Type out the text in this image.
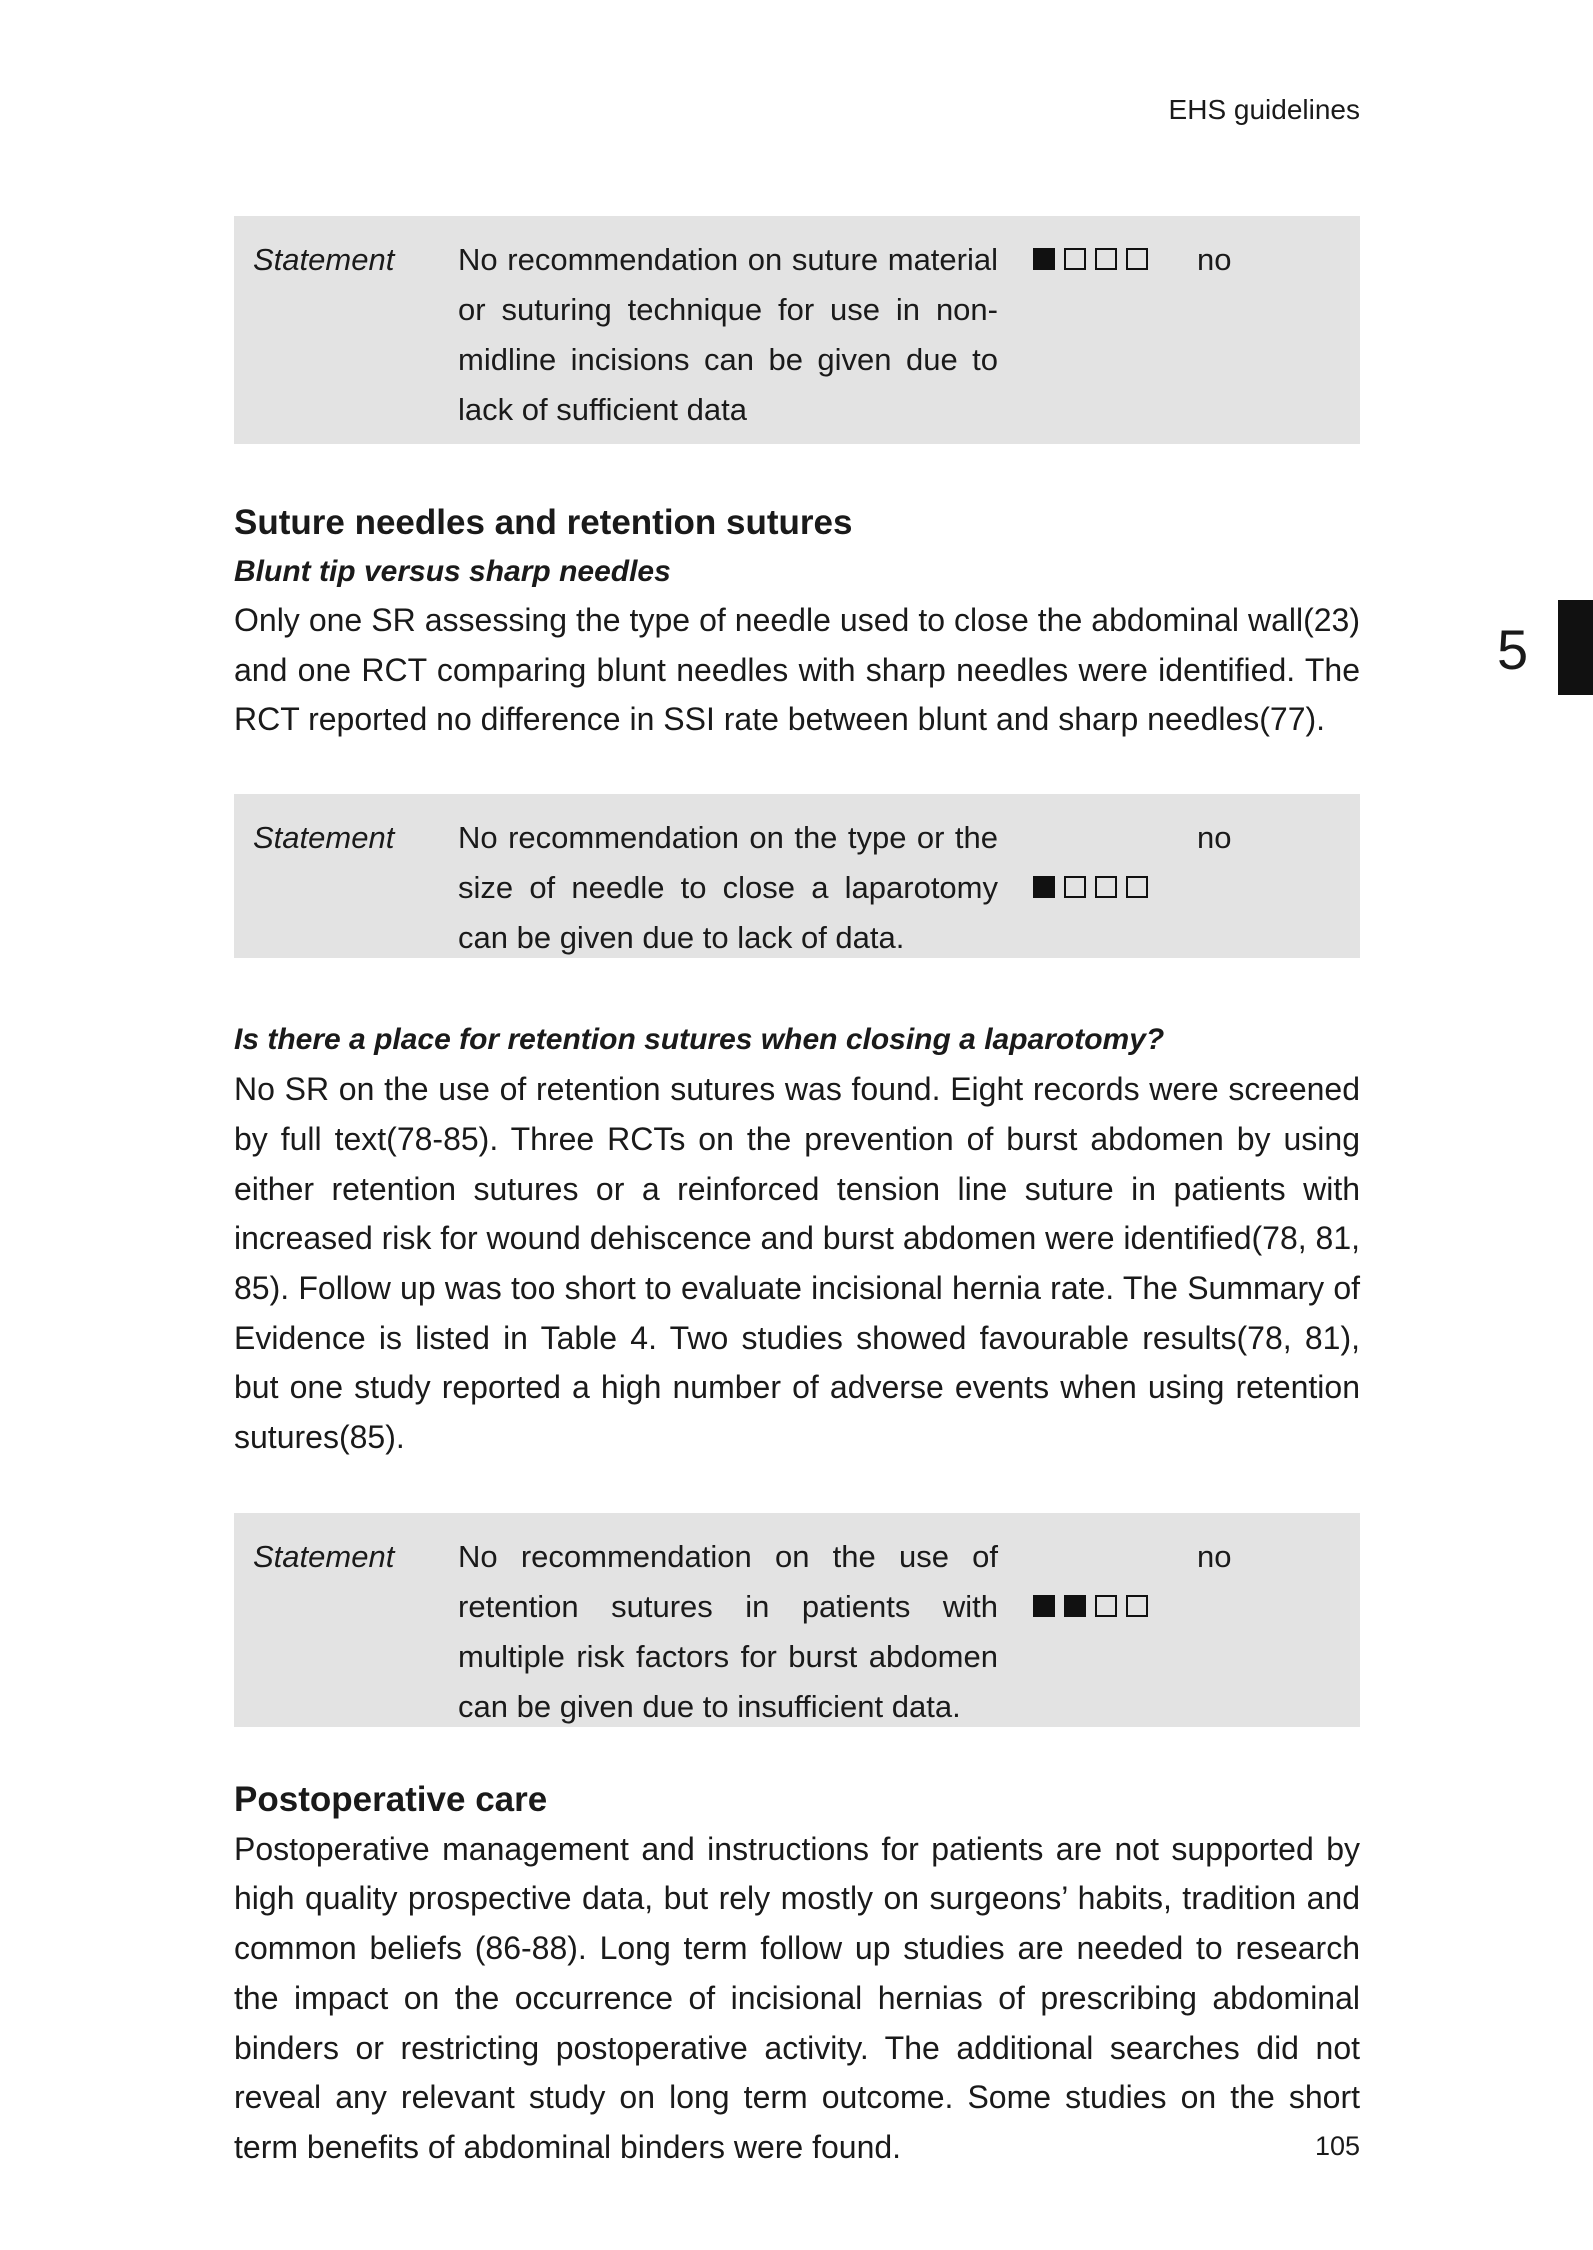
EHS guidelines
5
Statement No recommendation on suture material or suturing technique for use in non-midline incisions can be given due to lack of sufficient data
no
Suture needles and retention sutures
Blunt tip versus sharp needles

Only one SR assessing the type of needle used to close the abdominal wall(23) and one RCT comparing blunt needles with sharp needles were identified. The RCT reported no difference in SSI rate between blunt and sharp needles(77).

Statement No recommendation on the type or the size of needle to close a laparotomy can be given due to lack of data.
no
Is there a place for retention sutures when closing a laparotomy?

No SR on the use of retention sutures was found. Eight records were screened by full text(78-85). Three RCTs on the prevention of burst abdomen by using either retention sutures or a reinforced tension line suture in patients with increased risk for wound dehiscence and burst abdomen were identified(78, 81, 85). Follow up was too short to evaluate incisional hernia rate. The Summary of Evidence is listed in Table 4. Two studies showed favourable results(78, 81), but one study reported a high number of adverse events when using retention sutures(85).

Statement No recommendation on the use of retention sutures in patients with multiple risk factors for burst abdomen can be given due to insufficient data.
no
Postoperative care

Postoperative management and instructions for patients are not supported by high quality prospective data, but rely mostly on surgeons’ habits, tradition and common beliefs (86-88). Long term follow up studies are needed to research the impact on the occurrence of incisional hernias of prescribing abdominal binders or restricting postoperative activity. The additional searches did not reveal any relevant study on long term outcome. Some studies on the short term benefits of abdominal binders were found.	105
